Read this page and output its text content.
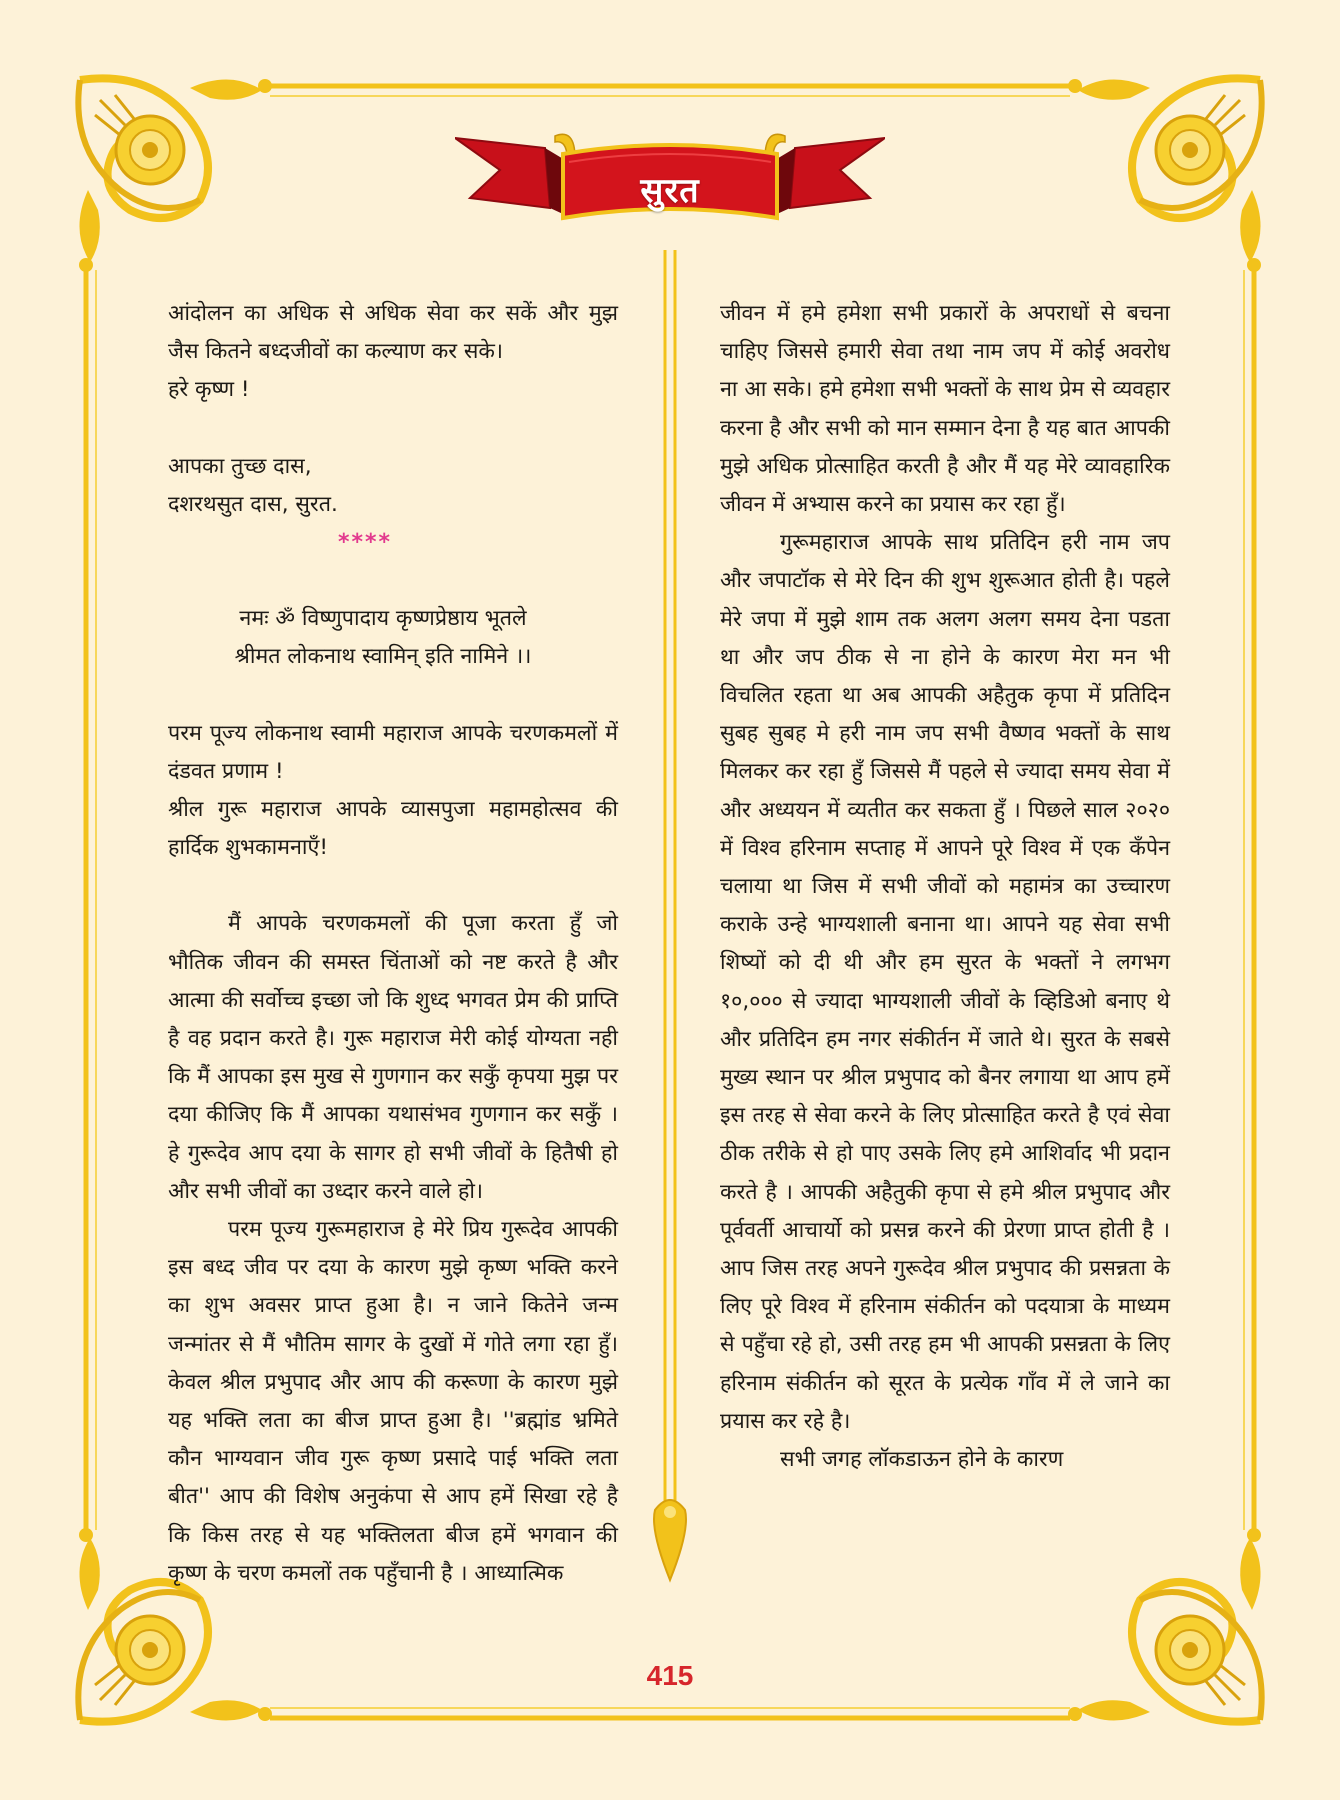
सुरत

आंदोलन का अधिक से अधिक सेवा कर सकें और मुझ जैस कितने बध्दजीवों का कल्याण कर सके।

हरे कृष्ण !

आपका तुच्छ दास,

दशरथसुत दास, सुरत.

****

नमः ॐ विष्णुपादाय कृष्णप्रेष्ठाय भूतले

श्रीमत लोकनाथ स्वामिन् इति नामिने ।।

परम पूज्य लोकनाथ स्वामी महाराज आपके चरणकमलों में दंडवत प्रणाम !

श्रील गुरू महाराज आपके व्यासपुजा महामहोत्सव की हार्दिक शुभकामनाएँ!

मैं आपके चरणकमलों की पूजा करता हुँ जो भौतिक जीवन की समस्त चिंताओं को नष्ट करते है और आत्मा की सर्वोच्च इच्छा जो कि शुध्द भगवत प्रेम की प्राप्ति है वह प्रदान करते है। गुरू महाराज मेरी कोई योग्यता नही कि मैं आपका इस मुख से गुणगान कर सकुँ कृपया मुझ पर दया कीजिए कि मैं आपका यथासंभव गुणगान कर सकुँ । हे गुरूदेव आप दया के सागर हो सभी जीवों के हितैषी हो और सभी जीवों का उध्दार करने वाले हो।

परम पूज्य गुरूमहाराज हे मेरे प्रिय गुरूदेव आपकी इस बध्द जीव पर दया के कारण मुझे कृष्ण भक्ति करने का शुभ अवसर प्राप्त हुआ है। न जाने कितेने जन्म जन्मांतर से मैं भौतिम सागर के दुखों में गोते लगा रहा हुँ। केवल श्रील प्रभुपाद और आप की करूणा के कारण मुझे यह भक्ति लता का बीज प्राप्त हुआ है। ''ब्रह्मांड भ्रमिते कौन भाग्यवान जीव गुरू कृष्ण प्रसादे पाई भक्ति लता बीत'' आप की विशेष अनुकंपा से आप हमें सिखा रहे है कि किस तरह से यह भक्तिलता बीज हमें भगवान की कृष्ण के चरण कमलों तक पहुँचानी है । आध्यात्मिक

जीवन में हमे हमेशा सभी प्रकारों के अपराधों से बचना चाहिए जिससे हमारी सेवा तथा नाम जप में कोई अवरोध ना आ सके। हमे हमेशा सभी भक्तों के साथ प्रेम से व्यवहार करना है और सभी को मान सम्मान देना है यह बात आपकी मुझे अधिक प्रोत्साहित करती है और मैं यह मेरे व्यावहारिक जीवन में अभ्यास करने का प्रयास कर रहा हुँ।

गुरूमहाराज आपके साथ प्रतिदिन हरी नाम जप और जपाटॉक से मेरे दिन की शुभ शुरूआत होती है। पहले मेरे जपा में मुझे शाम तक अलग अलग समय देना पडता था और जप ठीक से ना होने के कारण मेरा मन भी विचलित रहता था अब आपकी अहैतुक कृपा में प्रतिदिन सुबह सुबह मे हरी नाम जप सभी वैष्णव भक्तों के साथ मिलकर कर रहा हुँ जिससे मैं पहले से ज्यादा समय सेवा में और अध्ययन में व्यतीत कर सकता हुँ । पिछले साल २०२० में विश्व हरिनाम सप्ताह में आपने पूरे विश्व में एक कँपेन चलाया था जिस में सभी जीवों को महामंत्र का उच्चारण कराके उन्हे भाग्यशाली बनाना था। आपने यह सेवा सभी शिष्यों को दी थी और हम सुरत के भक्तों ने लगभग १०,००० से ज्यादा भाग्यशाली जीवों के व्हिडिओ बनाए थे और प्रतिदिन हम नगर संकीर्तन में जाते थे। सुरत के सबसे मुख्य स्थान पर श्रील प्रभुपाद को बैनर लगाया था आप हमें इस तरह से सेवा करने के लिए प्रोत्साहित करते है एवं सेवा ठीक तरीके से हो पाए उसके लिए हमे आशिर्वाद भी प्रदान करते है । आपकी अहैतुकी कृपा से हमे श्रील प्रभुपाद और पूर्ववर्ती आचार्यो को प्रसन्न करने की प्रेरणा प्राप्त होती है । आप जिस तरह अपने गुरूदेव श्रील प्रभुपाद की प्रसन्नता के लिए पूरे विश्व में हरिनाम संकीर्तन को पदयात्रा के माध्यम से पहुँचा रहे हो, उसी तरह हम भी आपकी प्रसन्नता के लिए हरिनाम संकीर्तन को सूरत के प्रत्येक गाँव में ले जाने का प्रयास कर रहे है।

सभी जगह लॉकडाऊन होने के कारण

415
